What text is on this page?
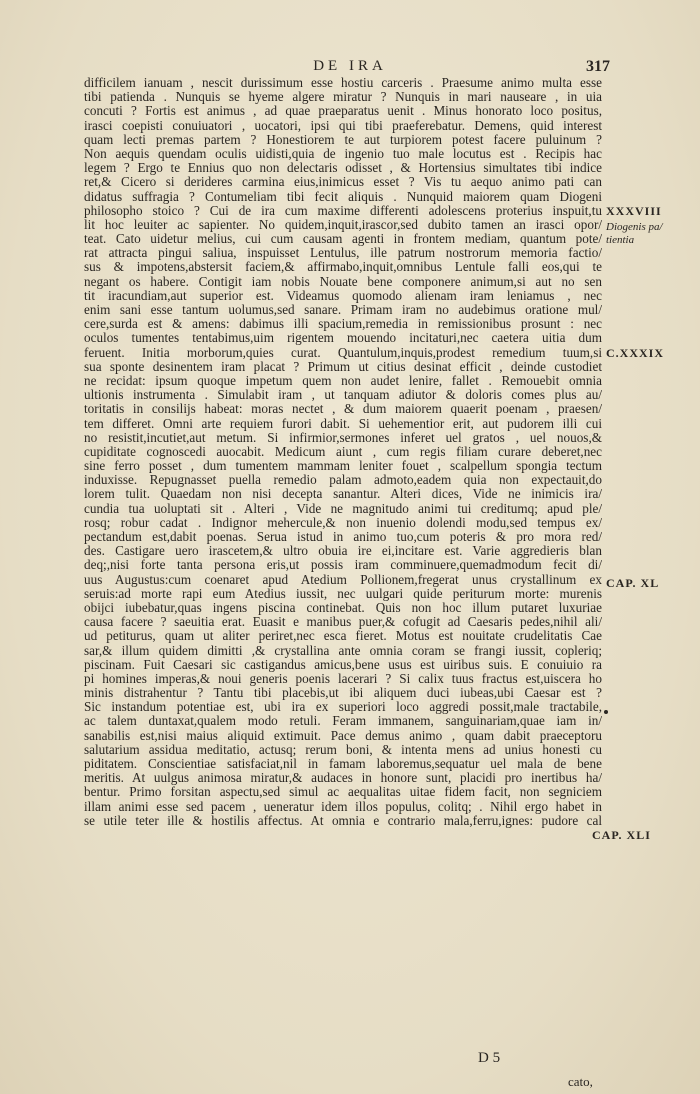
DE IRA	317
difficilem ianuam , nescit durissimum esse hostiu carceris . Praesume animo multa esse
tibi patienda . Nunquis se hyeme algere miratur ? Nunquis in mari nauseare , in uia
concuti ? Fortis est animus , ad quae praeparatus uenit . Minus honorato loco positus,
irasci coepisti conuiuatori , uocatori, ipsi qui tibi praeferebatur. Demens, quid interest
quam lecti premas partem ? Honestiorem te aut turpiorem potest facere puluinum ?
Non aequis quendam oculis uidisti,quia de ingenio tuo male locutus est . Recipis hac
legem ? Ergo te Ennius quo non delectaris odisset , & Hortensius simultates tibi indice
ret,& Cicero si derideres carmina eius,inimicus esset ? Vis tu aequo animo pati can
didatus suffragia ? Contumeliam tibi fecit aliquis . Nunquid maiorem quam Diogeni
philosopho stoico ? Cui de ira cum maxime differenti adolescens proterius inspuit,tu
lit hoc leuiter ac sapienter. No quidem,inquit,irascor,sed dubito tamen an irasci opor/
teat. Cato uidetur melius, cui cum causam agenti in frontem mediam, quantum pote/
rat attracta pingui saliua, inspuisset Lentulus, ille patrum nostrorum memoria factio/
sus & impotens,abstersit faciem,& affirmabo,inquit,omnibus Lentule falli eos,qui te
negant os habere. Contigit iam nobis Nouate bene componere animum,si aut no sen
tit iracundiam,aut superior est. Videamus quomodo alienam iram leniamus , nec
enim sani esse tantum uolumus,sed sanare. Primam iram no audebimus oratione mul/
cere,surda est & amens: dabimus illi spacium,remedia in remissionibus prosunt : nec
oculos tumentes tentabimus,uim rigentem mouendo incitaturi,nec caetera uitia dum
feruent. Initia morborum,quies curat. Quantulum,inquis,prodest remedium tuum,si
sua sponte desinentem iram placat ? Primum ut citius desinat efficit , deinde custodiet
ne recidat: ipsum quoque impetum quem non audet lenire, fallet . Remouebit omnia
ultionis instrumenta . Simulabit iram , ut tanquam adiutor & doloris comes plus au/
toritatis in consilijs habeat: moras nectet , & dum maiorem quaerit poenam , praesen/
tem differet. Omni arte requiem furori dabit. Si uehementior erit, aut pudorem illi cui
no resistit,incutiet,aut metum. Si infirmior,sermones inferet uel gratos , uel nouos,&
cupiditate cognoscedi auocabit. Medicum aiunt , cum regis filiam curare deberet,nec
sine ferro posset , dum tumentem mammam leniter fouet , scalpellum spongia tectum
induxisse. Repugnasset puella remedio palam admoto,eadem quia non expectauit,do
lorem tulit. Quaedam non nisi decepta sanantur. Alteri dices, Vide ne inimicis ira/
cundia tua uoluptati sit . Alteri , Vide ne magnitudo animi tui creditumq; apud ple/
rosq; robur cadat . Indignor mehercule,& non inuenio dolendi modu,sed tempus ex/
pectandum est,dabit poenas. Serua istud in animo tuo,cum poteris & pro mora red/
des. Castigare uero irascetem,& ultro obuia ire ei,incitare est. Varie aggredieris blan
deq;,nisi forte tanta persona eris,ut possis iram comminuere,quemadmodum fecit di/
uus Augustus:cum coenaret apud Atedium Pollionem,fregerat unus crystallinum ex
seruis:ad morte rapi eum Atedius iussit, nec uulgari quide periturum morte: murenis
obijci iubebatur,quas ingens piscina continebat. Quis non hoc illum putaret luxuriae
causa facere ? saeuitia erat. Euasit e manibus puer,& cofugit ad Caesaris pedes,nihil ali/
ud petiturus, quam ut aliter periret,nec esca fieret. Motus est nouitate crudelitatis Cae
sar,& illum quidem dimitti ,& crystallina ante omnia coram se frangi iussit, copleriq;
piscinam. Fuit Caesari sic castigandus amicus,bene usus est uiribus suis. E conuiuio ra
pi homines imperas,& noui generis poenis lacerari ? Si calix tuus fractus est,uiscera ho
minis distrahentur ? Tantu tibi placebis,ut ibi aliquem duci iubeas,ubi Caesar est ?
Sic instandum potentiae est, ubi ira ex superiori loco aggredi possit,male tractabile,
ac talem duntaxat,qualem modo retuli. Feram immanem, sanguinariam,quae iam in/
sanabilis est,nisi maius aliquid extimuit. Pace demus animo , quam dabit praeceptoru
salutarium assidua meditatio, actusq; rerum boni, & intenta mens ad unius honesti cu
piditatem. Conscientiae satisfaciat,nil in famam laboremus,sequatur uel mala de bene
meritis. At uulgus animosa miratur,& audaces in honore sunt, placidi pro inertibus ha/
bentur. Primo forsitan aspectu,sed simul ac aequalitas uitae fidem facit, non segniciem
illam animi esse sed pacem , ueneratur idem illos populus, colitq; . Nihil ergo habet in
se utile teter ille & hostilis affectus. At omnia e contrario mala,ferru,ignes: pudore cal
XXXVIII
Diogenis pa/
tientia
C.XXXIX
CAP. XL
CAP. XLI
D 5
cato,
